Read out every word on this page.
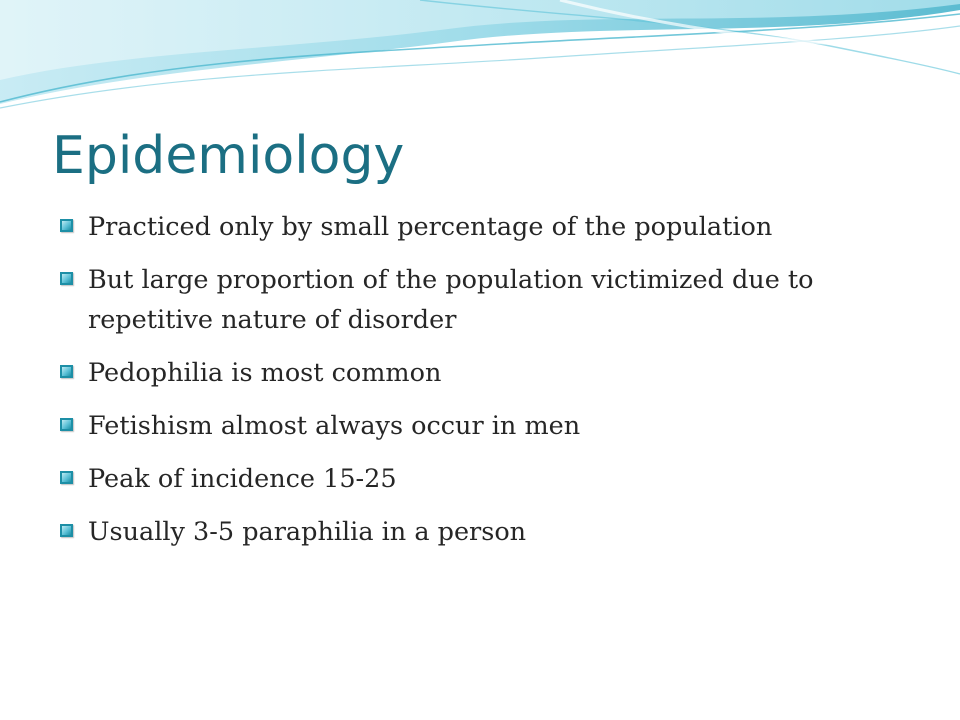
Epidemiology
Practiced only by small percentage of the population
But large proportion of the population victimized due to repetitive nature of disorder
Pedophilia is most common
Fetishism almost always occur in men
Peak of incidence 15-25
Usually 3-5 paraphilia in a person
